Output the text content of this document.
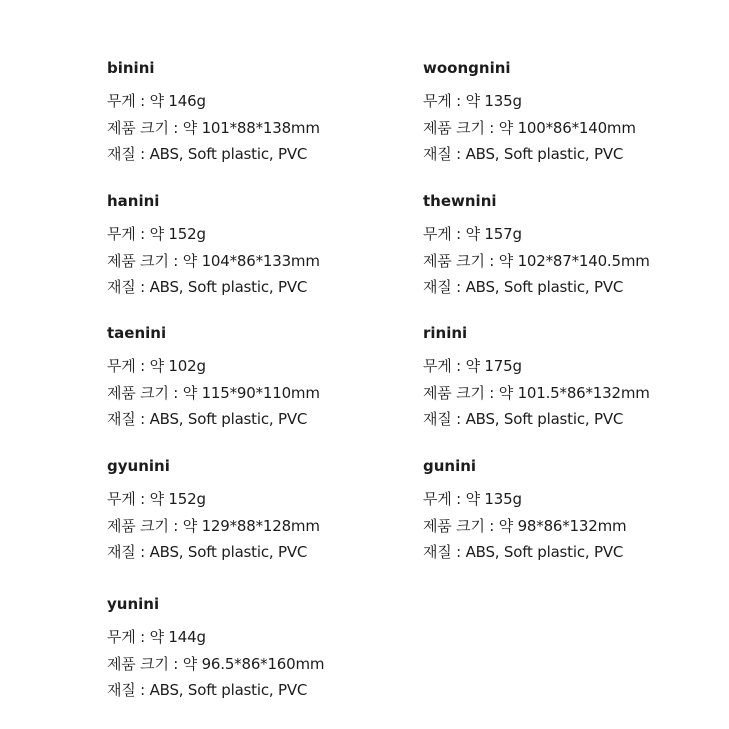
binini
무게 : 약 146g
제품 크기 : 약 101*88*138mm
재질 : ABS, Soft plastic, PVC
hanini
무게 : 약 152g
제품 크기 : 약 104*86*133mm
재질 : ABS, Soft plastic, PVC
taenini
무게 : 약 102g
제품 크기 : 약 115*90*110mm
재질 : ABS, Soft plastic, PVC
gyunini
무게 : 약 152g
제품 크기 : 약 129*88*128mm
재질 : ABS, Soft plastic, PVC
yunini
무게 : 약 144g
제품 크기 : 약 96.5*86*160mm
재질 : ABS, Soft plastic, PVC
woongnini
무게 : 약 135g
제품 크기 : 약 100*86*140mm
재질 : ABS, Soft plastic, PVC
thewnini
무게 : 약 157g
제품 크기 : 약 102*87*140.5mm
재질 : ABS, Soft plastic, PVC
rinini
무게 : 약 175g
제품 크기 : 약 101.5*86*132mm
재질 : ABS, Soft plastic, PVC
gunini
무게 : 약 135g
제품 크기 : 약 98*86*132mm
재질 : ABS, Soft plastic, PVC
